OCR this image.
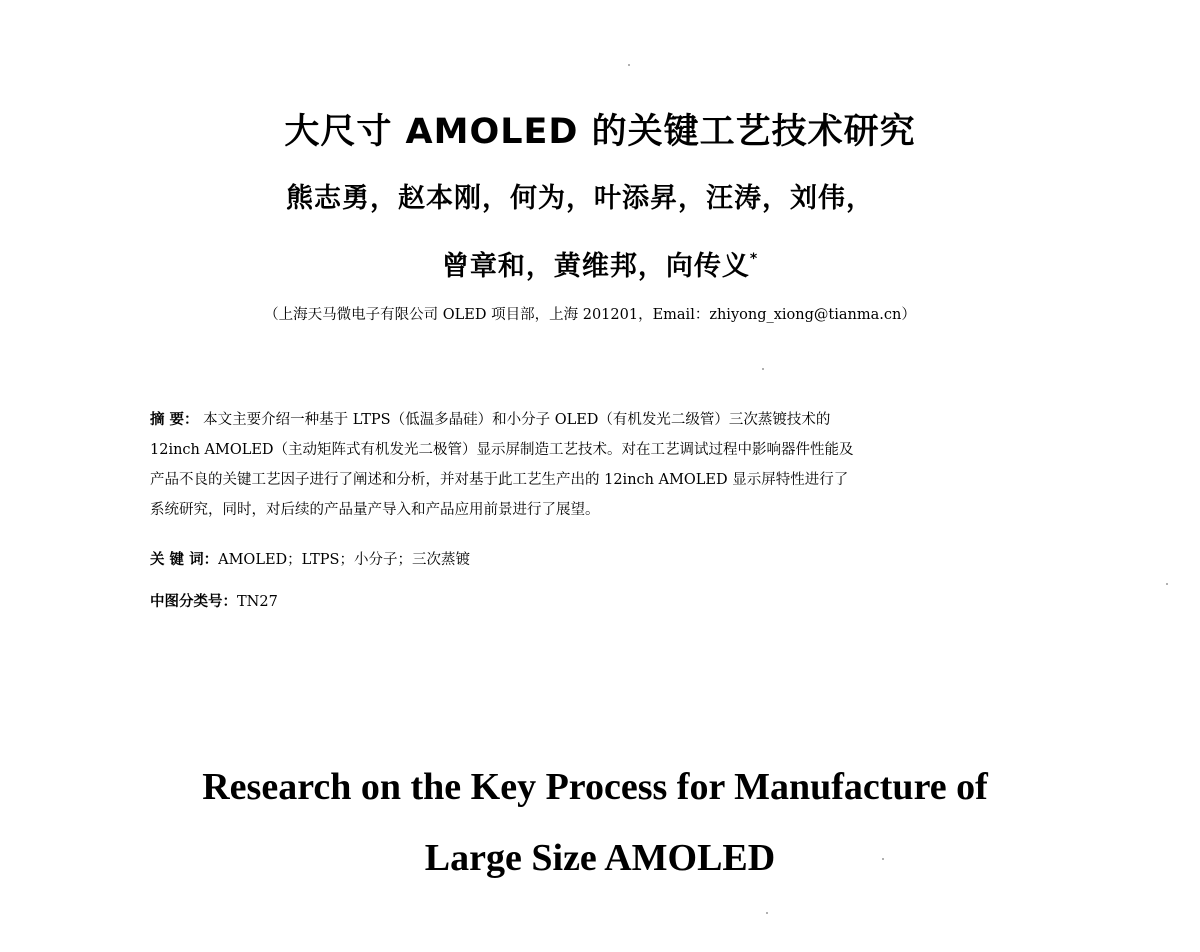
大尺寸 AMOLED 的关键工艺技术研究
熊志勇，赵本刚，何为，叶添昇，汪涛，刘伟，
曾章和，黄维邦，向传义*
（上海天马微电子有限公司 OLED 项目部，上海 201201，Email：zhiyong_xiong@tianma.cn）
摘 要： 本文主要介绍一种基于 LTPS（低温多晶硅）和小分子 OLED（有机发光二级管）三次蒸镀技术的
12inch AMOLED（主动矩阵式有机发光二极管）显示屏制造工艺技术。对在工艺调试过程中影响器件性能及
产品不良的关键工艺因子进行了阐述和分析，并对基于此工艺生产出的 12inch AMOLED 显示屏特性进行了
系统研究，同时，对后续的产品量产导入和产品应用前景进行了展望。
关 键 词：AMOLED；LTPS；小分子；三次蒸镀
中图分类号：TN27
Research on the Key Process for Manufacture of
Large Size AMOLED
